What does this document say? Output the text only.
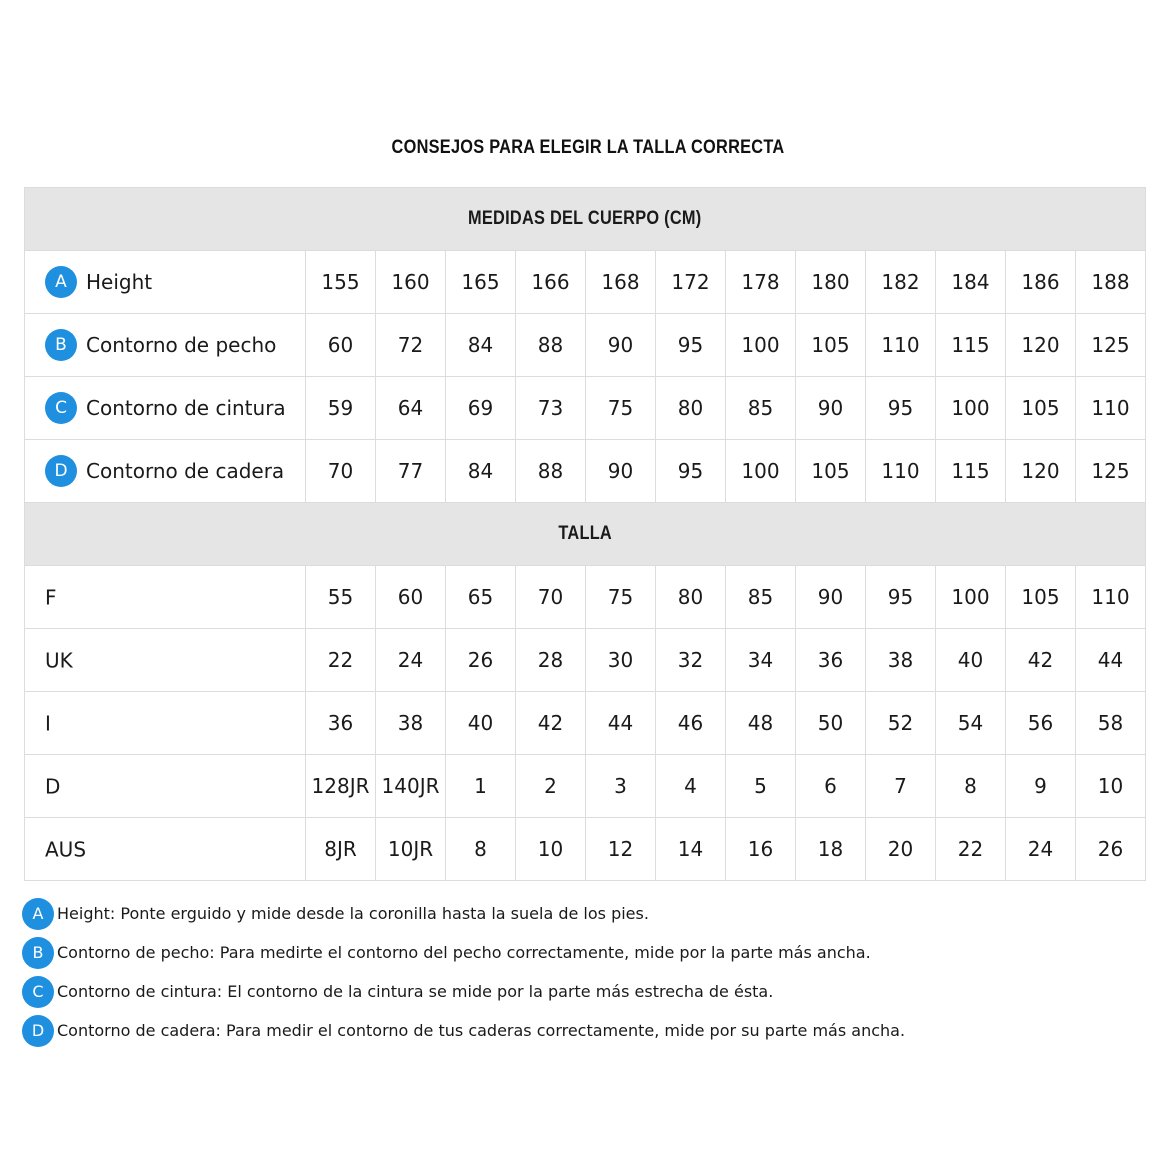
CONSEJOS PARA ELEGIR LA TALLA CORRECTA
MEDIDAS DEL CUERPO (CM)												
A Height	155	160	165	166	168	172	178	180	182	184	186	188
B Contorno de pecho	60	72	84	88	90	95	100	105	110	115	120	125
C Contorno de cintura	59	64	69	73	75	80	85	90	95	100	105	110
D Contorno de cadera	70	77	84	88	90	95	100	105	110	115	120	125
TALLA												
F	55	60	65	70	75	80	85	90	95	100	105	110
UK	22	24	26	28	30	32	34	36	38	40	42	44
I	36	38	40	42	44	46	48	50	52	54	56	58
D	128JR	140JR	1	2	3	4	5	6	7	8	9	10
AUS	8JR	10JR	8	10	12	14	16	18	20	22	24	26
A Height: Ponte erguido y mide desde la coronilla hasta la suela de los pies.
B Contorno de pecho: Para medirte el contorno del pecho correctamente, mide por la parte más ancha.
C Contorno de cintura: El contorno de la cintura se mide por la parte más estrecha de ésta.
D Contorno de cadera: Para medir el contorno de tus caderas correctamente, mide por su parte más ancha.
